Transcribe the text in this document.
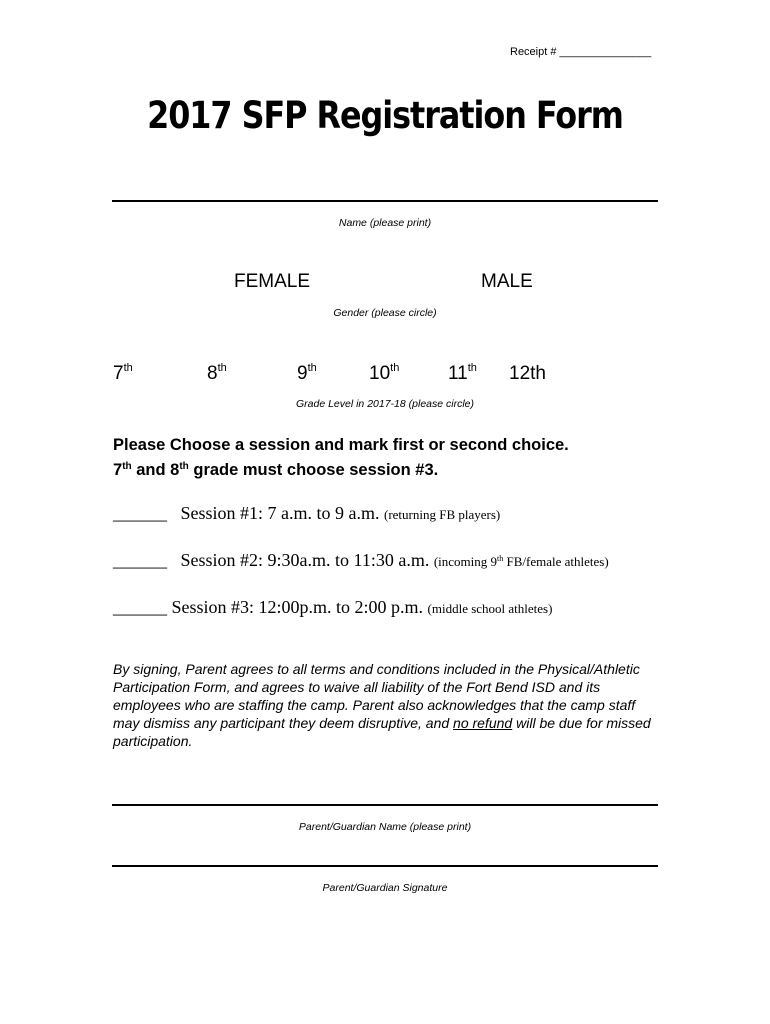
Receipt # _______________
2017 SFP Registration Form
Name (please print)
FEMALE	MALE
Gender (please circle)
7th	8th	9th	10th	11th 12th
Grade Level in 2017-18 (please circle)
Please Choose a session and mark first or second choice.
7th and 8th grade must choose session #3.
______ Session #1: 7 a.m. to 9 a.m. (returning FB players)
______ Session #2: 9:30a.m. to 11:30 a.m. (incoming 9th FB/female athletes)
______ Session #3: 12:00p.m. to 2:00 p.m. (middle school athletes)
By signing, Parent agrees to all terms and conditions included in the Physical/Athletic Participation Form, and agrees to waive all liability of the Fort Bend ISD and its employees who are staffing the camp. Parent also acknowledges that the camp staff may dismiss any participant they deem disruptive, and no refund will be due for missed participation.
Parent/Guardian Name (please print)
Parent/Guardian Signature
